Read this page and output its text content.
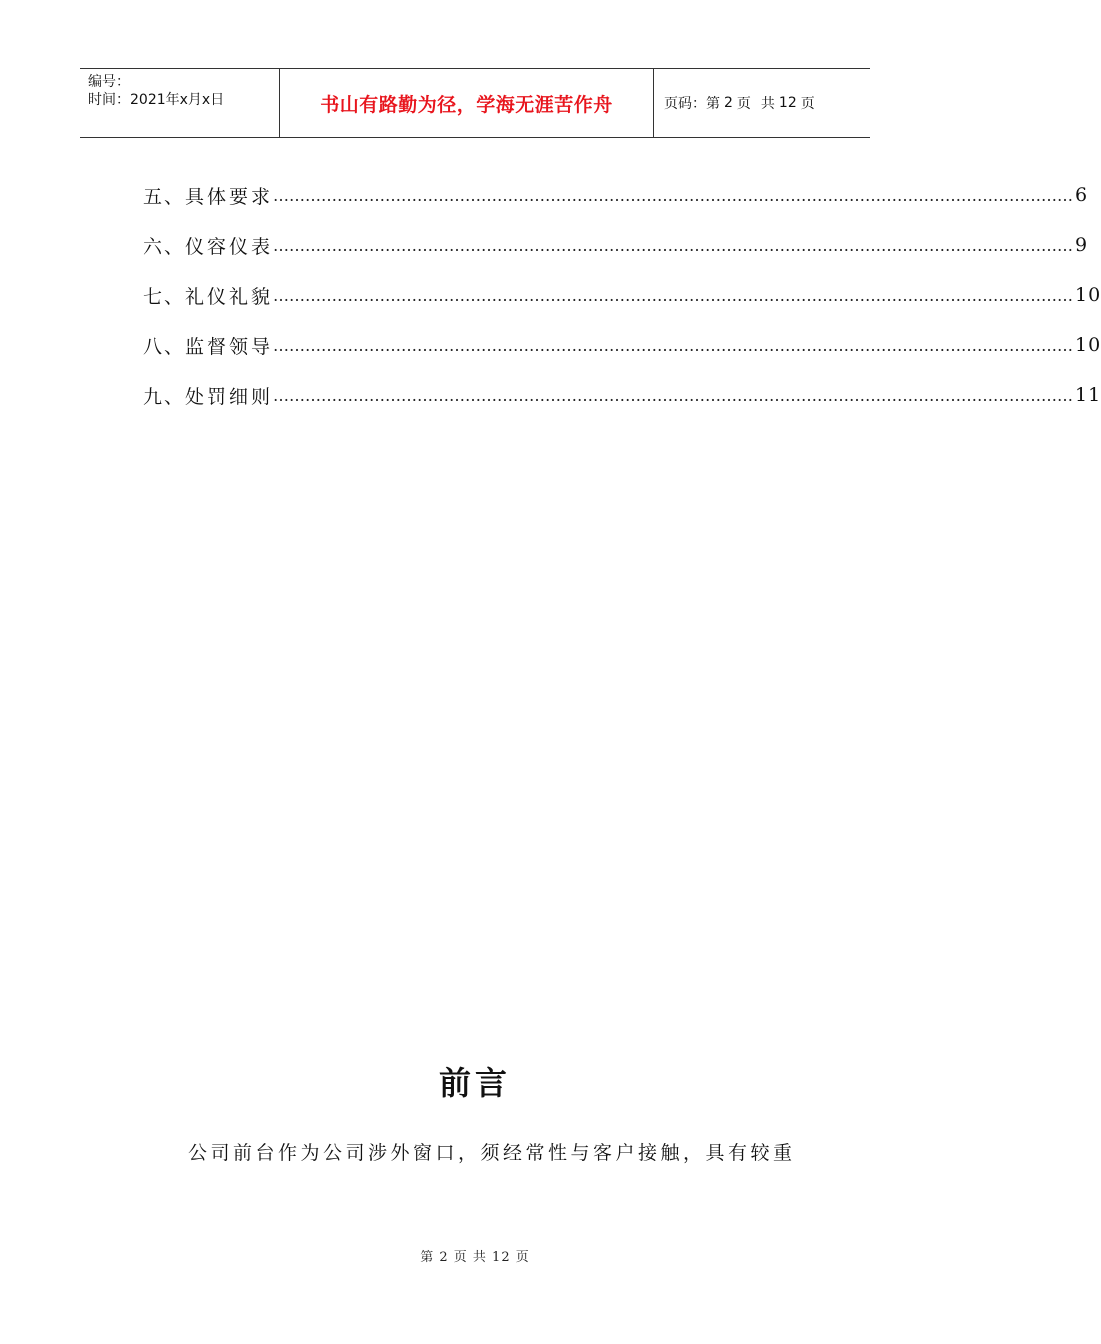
编号：
时间：2021年x月x日	书山有路勤为径，学海无涯苦作舟	页码：第 2 页 共 12 页
五、 具体要求 …………………………………………………………………………………………………………………………………… 6
六、 仪容仪表 …………………………………………………………………………………………………………………………………… 9
七、 礼仪礼貌 …………………………………………………………………………………………………………………………………… 10
八、 监督领导 …………………………………………………………………………………………………………………………………… 10
九、 处罚细则 …………………………………………………………………………………………………………………………………… 11
前言
公司前台作为公司涉外窗口，须经常性与客户接触，具有较重
第 2 页 共 12 页
